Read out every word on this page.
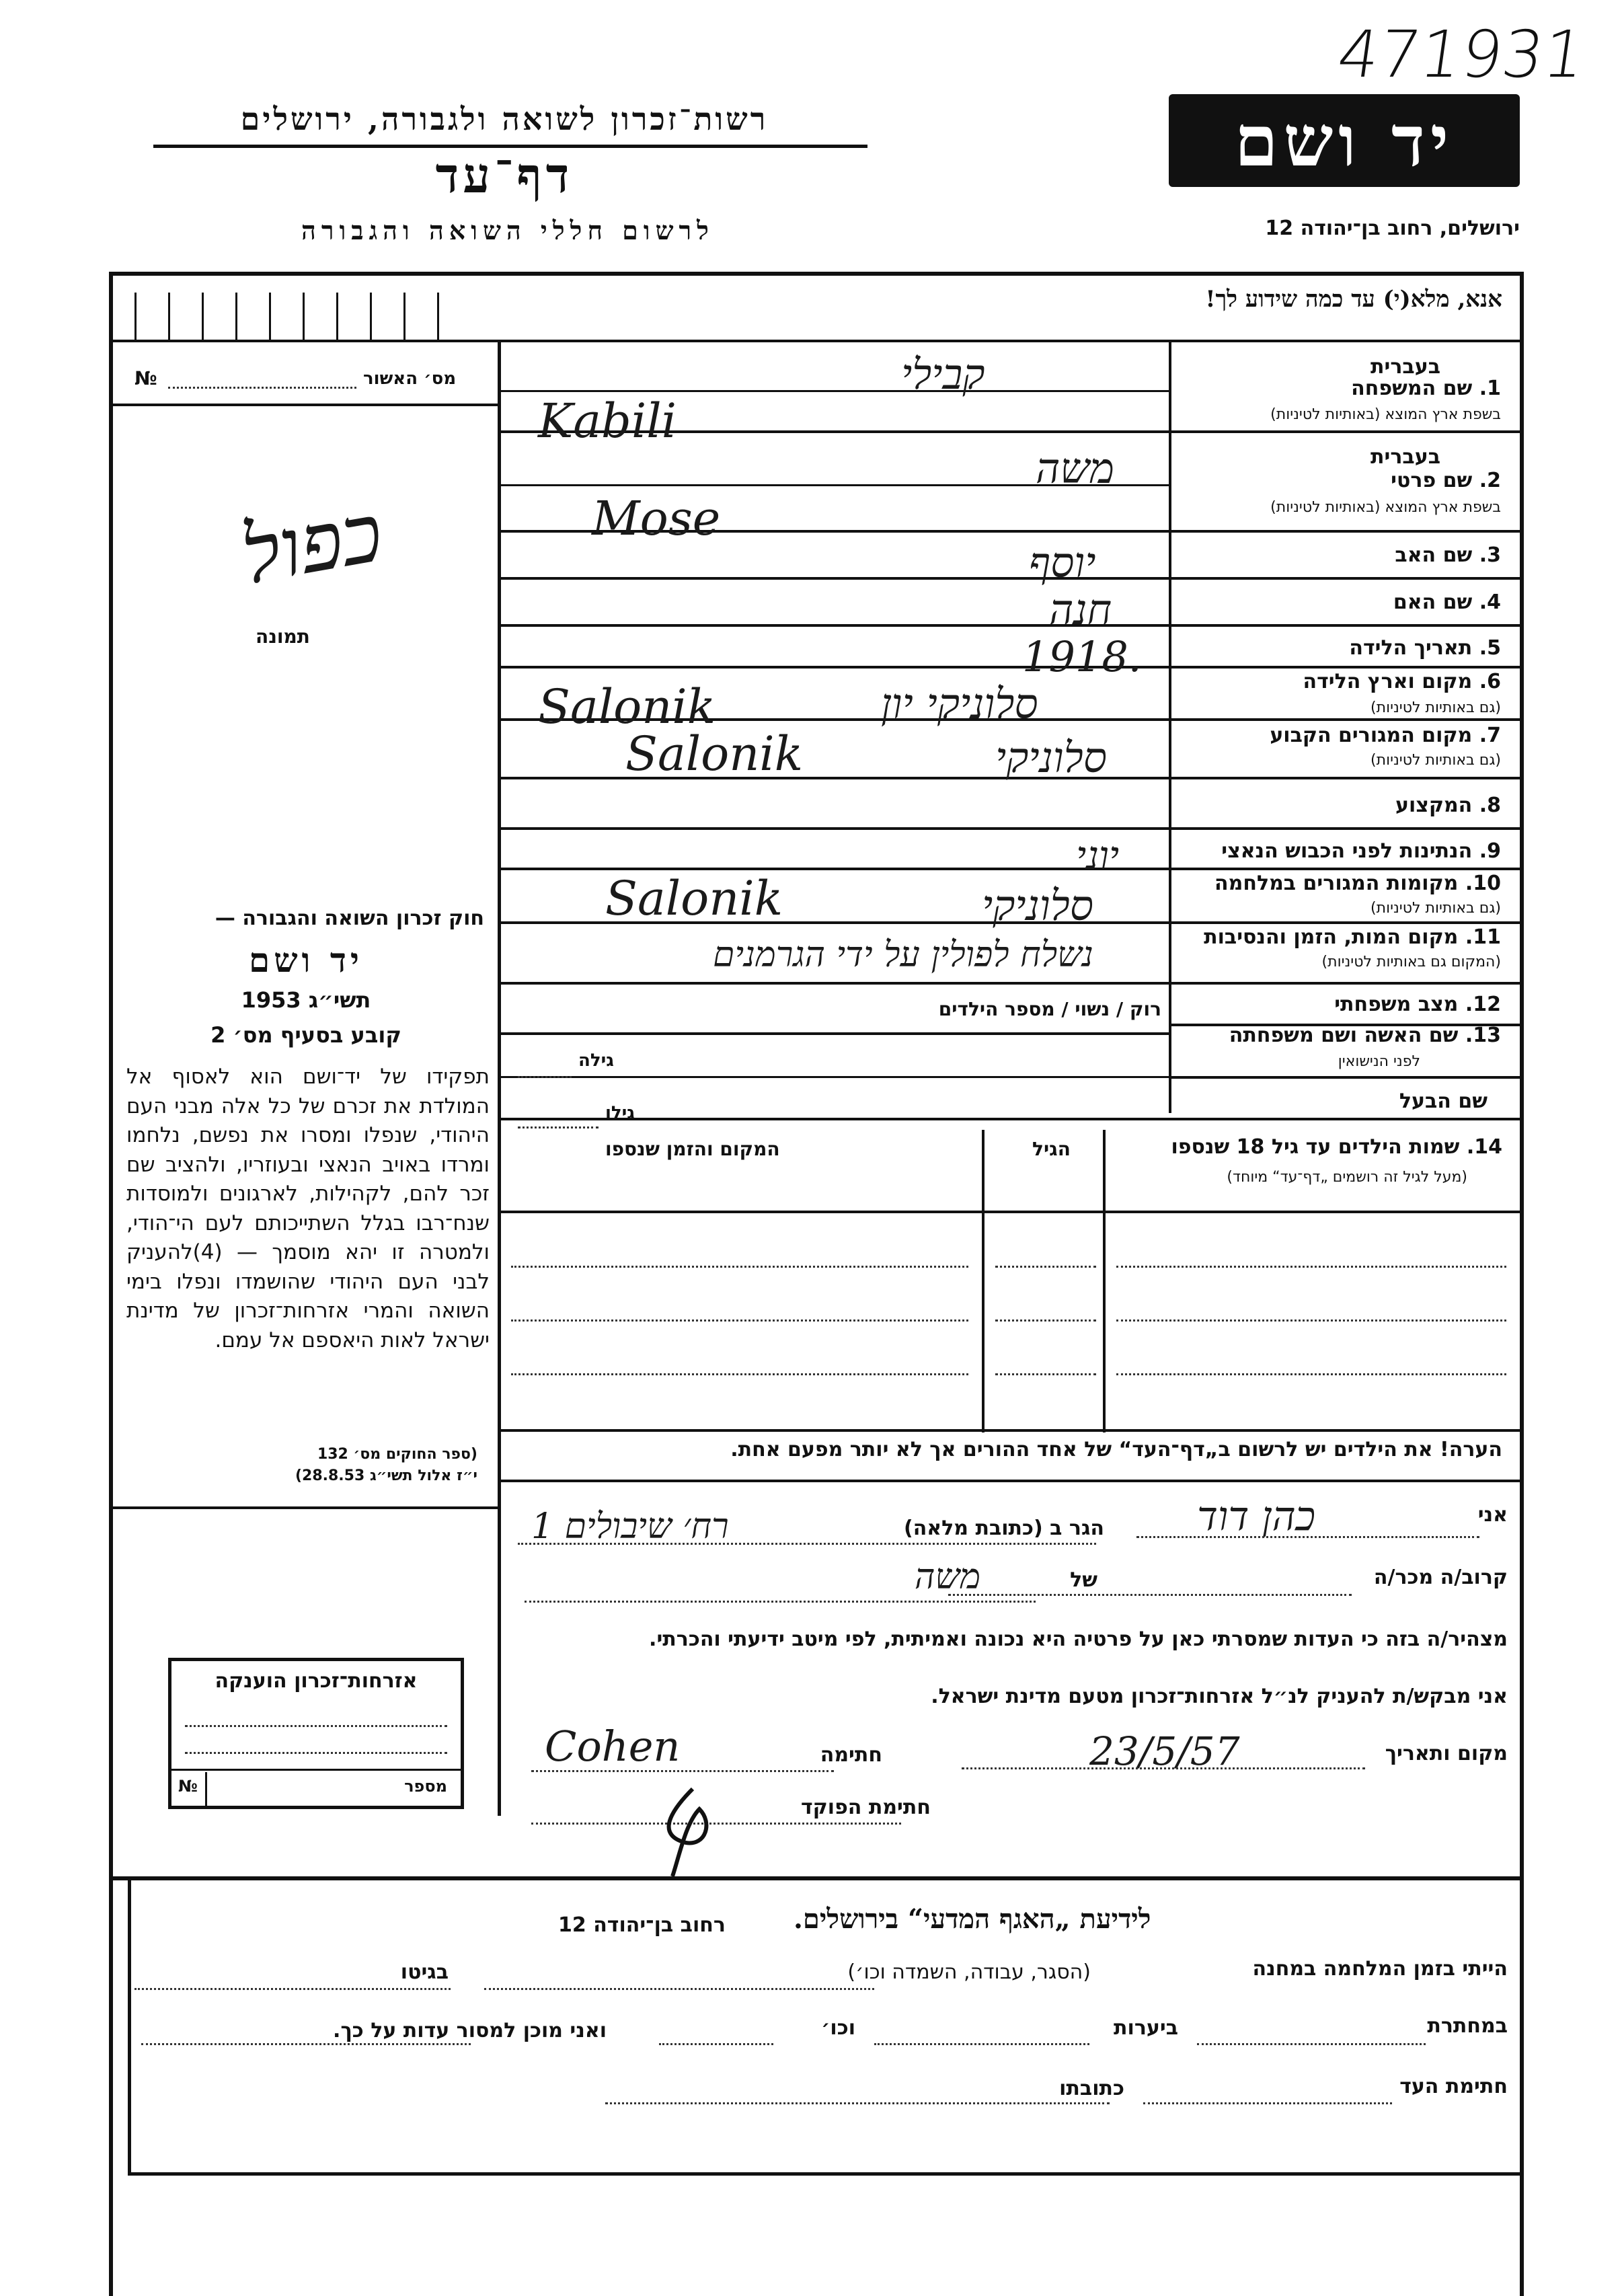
471931
יד ושם
רשות־זכרון לשואה ולגבורה, ירושלים
דף־עד
לרשום חללי השואה והגבורה	ירושלים, רחוב בן־יהודה 12
אנא, מלא(י) עד כמה שידוע לך!
מס׳ האשור
№
כפול
תמונה
בעברית
1. שם המשפחה
בשפת ארץ המוצא (באותיות לטיניות)
בעברית
2. שם פרטי
בשפת ארץ המוצא (באותיות לטיניות)
3. שם האב
4. שם האם
5. תאריך הלידה
6. מקום וארץ הלידה
(גם באותיות לטיניות)
7. מקום המגורים הקבוע
(גם באותיות לטיניות)
8. המקצוע
9. הנתינות לפני הכבוש הנאצי
10. מקומות המגורים במלחמה
(גם באותיות לטיניות)
11. מקום המות, הזמן והנסיבות
(המקום גם באותיות לטיניות)
12. מצב משפחתי
13. שם האשה ושם משפחתה
לפני הנישואין
שם הבעל
קבילי
Kabili
משה
Mose
יוסף
חנה
1918.
סלוניקי יון
Salonik
סלוניקי
Salonik
יוני
סלוניקי
Salonik
נשלח לפולין על ידי הגרמנים
רוק / נשוי / מספר הילדים
גילה
גילו
14. שמות הילדים עד גיל 18 שנספו
(מעל לגיל זה רושמים „דף־עד“ מיוחד)
הגיל
המקום והזמן שנספו
הערה! את הילדים יש לרשום ב„דף־העד“ של אחד ההורים אך לא יותר מפעם אחת.
חוק זכרון השואה והגבורה —
יד ושם
תשי״ג 1953
קובע בסעיף מס׳ 2
תפקידו של יד־ושם הוא לאסוף אל המולדת את זכרם של כל אלה מבני העם היהודי, שנפלו ומסרו את נפשם, נלחמו ומרדו באויב הנאצי ובעוזריו, ולהציב שם זכר להם, לקהילות, לארגונים ולמוסדות שנח־רבו בגלל השתייכותם לעם הי־הודי, ולמטרה זו יהא מוסמך — (4)להעניק לבני העם היהודי שהושמדו ונפלו בימי השואה והמרי אזרחות־זכרון של מדינת ישראל לאות היאספם אל עמם.
(ספר החוקים מס׳ 132
י״ז אלול תשי״ג 28.8.53)
אני
כהן דוד
הגר ב (כתובת מלאה)
רח׳ שיבולים 1
קרוב/ה מכר/ה
של
משה
מצהיר/ה בזה כי העדות שמסרתי כאן על פרטיה היא נכונה ואמיתית, לפי מיטב ידיעתי והכרתי.
אני מבקש/ת להעניק לנ״ל אזרחות־זכרון מטעם מדינת ישראל.
מקום ותאריך
23/5/57
חתימה
Cohen
חתימת הפוקד
אזרחות־זכרון הוענקה
מספר
№
לידיעת „האגף המדעי“ בירושלים.
רחוב בן־יהודה 12
הייתי בזמן המלחמה במחנה
(הסגר, עבודה, השמדה וכו׳)
בגיטו
במחתרת
ביערות
וכו׳
ואני מוכן למסור עדות על כך.
חתימת העד
כתובתו
